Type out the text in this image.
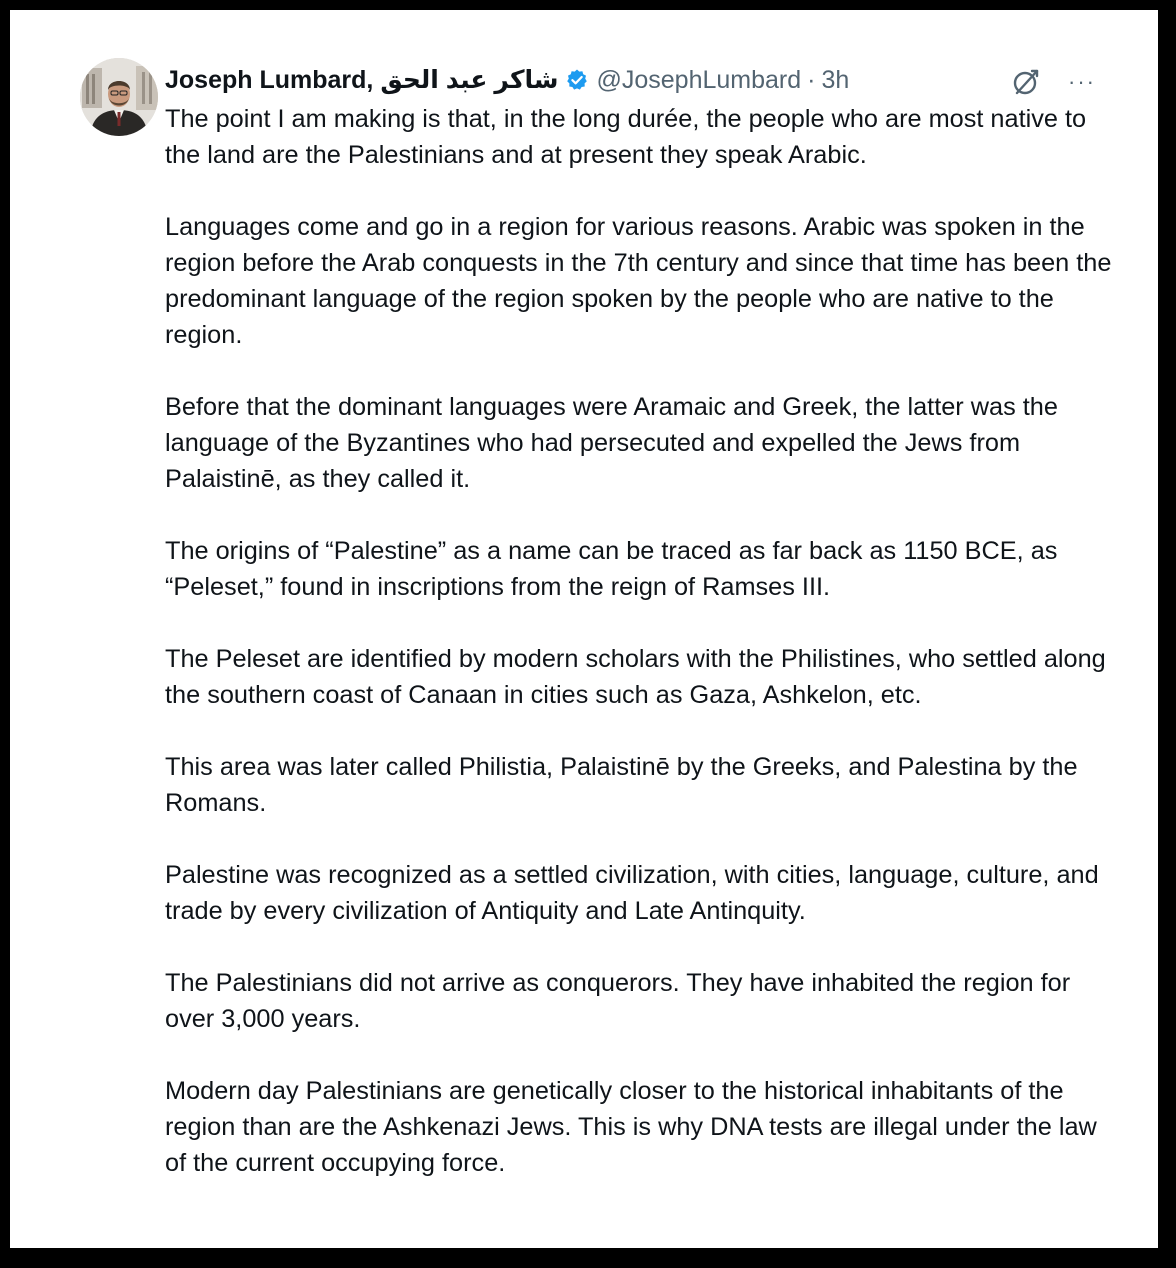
Joseph Lumbard, شاكر عبد الحق @JosephLumbard · 3h	···

The point I am making is that, in the long durée, the people who are most native to the land are the Palestinians and at present they speak Arabic.

Languages come and go in a region for various reasons. Arabic was spoken in the region before the Arab conquests in the 7th century and since that time has been the predominant language of the region spoken by the people who are native to the region.

Before that the dominant languages were Aramaic and Greek, the latter was the language of the Byzantines who had persecuted and expelled the Jews from Palaistinē, as they called it.

The origins of “Palestine” as a name can be traced as far back as 1150 BCE, as “Peleset,” found in inscriptions from the reign of Ramses III.

The Peleset are identified by modern scholars with the Philistines, who settled along the southern coast of Canaan in cities such as Gaza, Ashkelon, etc.

This area was later called Philistia, Palaistinē by the Greeks, and Palestina by the Romans.

Palestine was recognized as a settled civilization, with cities, language, culture, and trade by every civilization of Antiquity and Late Antinquity.

The Palestinians did not arrive as conquerors. They have inhabited the region for over 3,000 years.

Modern day Palestinians are genetically closer to the historical inhabitants of the region than are the Ashkenazi Jews. This is why DNA tests are illegal under the law of the current occupying force.
